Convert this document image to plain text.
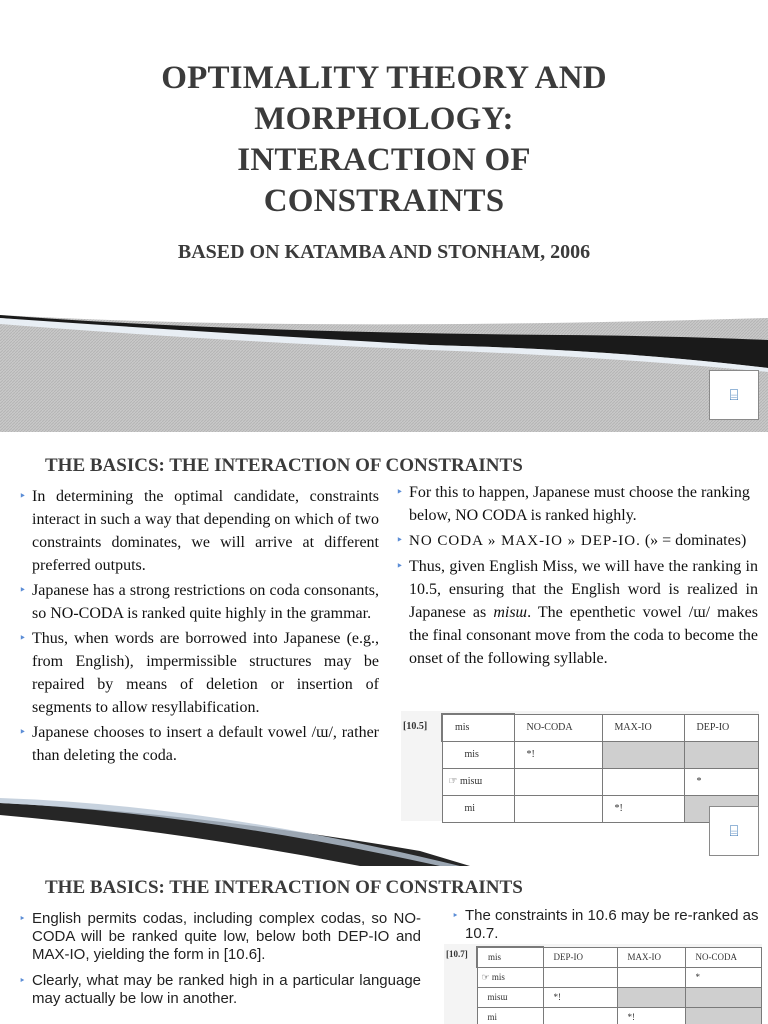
OPTIMALITY THEORY AND
MORPHOLOGY:
INTERACTION OF
CONSTRAINTS
BASED ON KATAMBA AND STONHAM, 2006
⌸
THE BASICS: THE INTERACTION OF CONSTRAINTS
‣ In determining the optimal candidate, constraints interact in such a way that depending on which of two constraints dominates, we will arrive at different preferred outputs.
‣ Japanese has a strong restrictions on coda consonants, so NO-CODA is ranked quite highly in the grammar.
‣ Thus, when words are borrowed into Japanese (e.g., from English), impermissible structures may be repaired by means of deletion or insertion of segments to allow resyllabification.
‣ Japanese chooses to insert a default vowel /ɯ/, rather than deleting the coda.
‣ For this to happen, Japanese must choose the ranking below, NO CODA is ranked highly.
‣ NO CODA » MAX-IO » DEP-IO. (» = dominates)
‣ Thus, given English Miss, we will have the ranking in 10.5, ensuring that the English word is realized in Japanese as misɯ. The epenthetic vowel /ɯ/ makes the final consonant move from the coda to become the onset of the following syllable.
[10.5]	mis	NO-CODA	MAX-IO	DEP-IO
mis	*!		
☞ misɯ			*
mi		*!	
⌸
THE BASICS: THE INTERACTION OF CONSTRAINTS
‣ English permits codas, including complex codas, so NO-CODA will be ranked quite low, below both DEP-IO and MAX-IO, yielding the form in [10.6].
‣ Clearly, what may be ranked high in a particular language may actually be low in another.
‣ The constraints in 10.6 may be re-ranked as 10.7.
[10.7] mis	DEP-IO	MAX-IO	NO-CODA
☞ mis			*
misɯ	*!		
mi		*!	
